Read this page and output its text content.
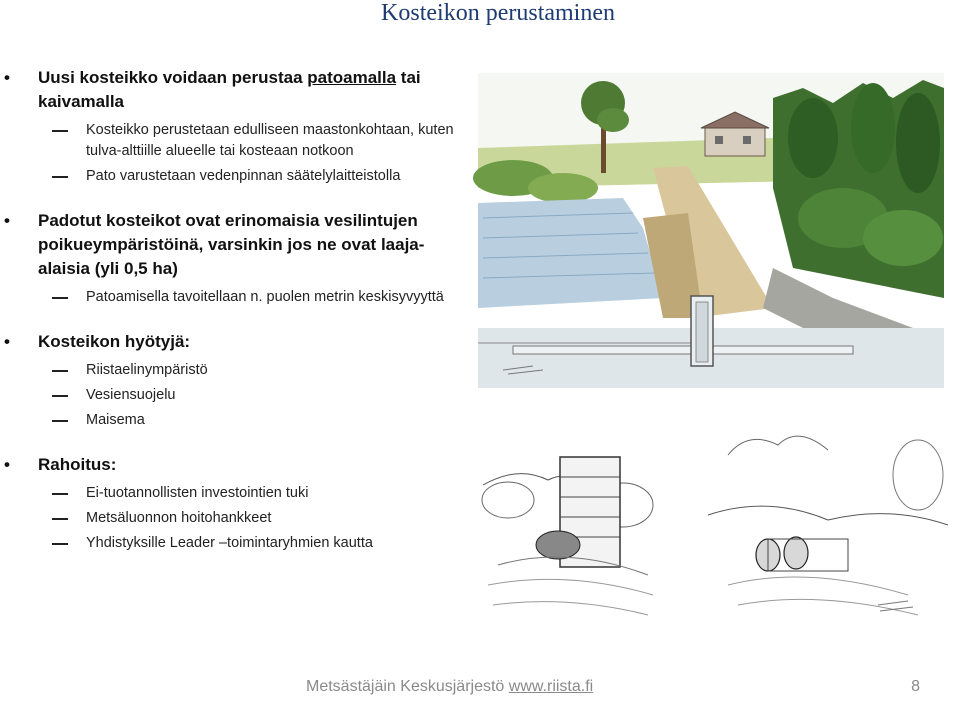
Kosteikon perustaminen
• Uusi kosteikko voidaan perustaa patoamalla tai kaivamalla
Kosteikko perustetaan edulliseen maastonkohtaan, kuten tulva-alttiille alueelle tai kosteaan notkoon
Pato varustetaan vedenpinnan säätelylaitteistolla
• Padotut kosteikot ovat erinomaisia vesilintujen poikueympäristöinä, varsinkin jos ne ovat laaja-alaisia (yli 0,5 ha)
Patoamisella tavoitellaan n. puolen metrin keskisyvyyttä
• Kosteikon hyötyjä:
Riistaelinympäristö
Vesiensuojelu
Maisema
• Rahoitus:
Ei-tuotannollisten investointien tuki
Metsäluonnon hoitohankkeet
Yhdistyksille Leader –toimintaryhmien kautta
Metsästäjäin Keskusjärjestö www.riista.fi	8
